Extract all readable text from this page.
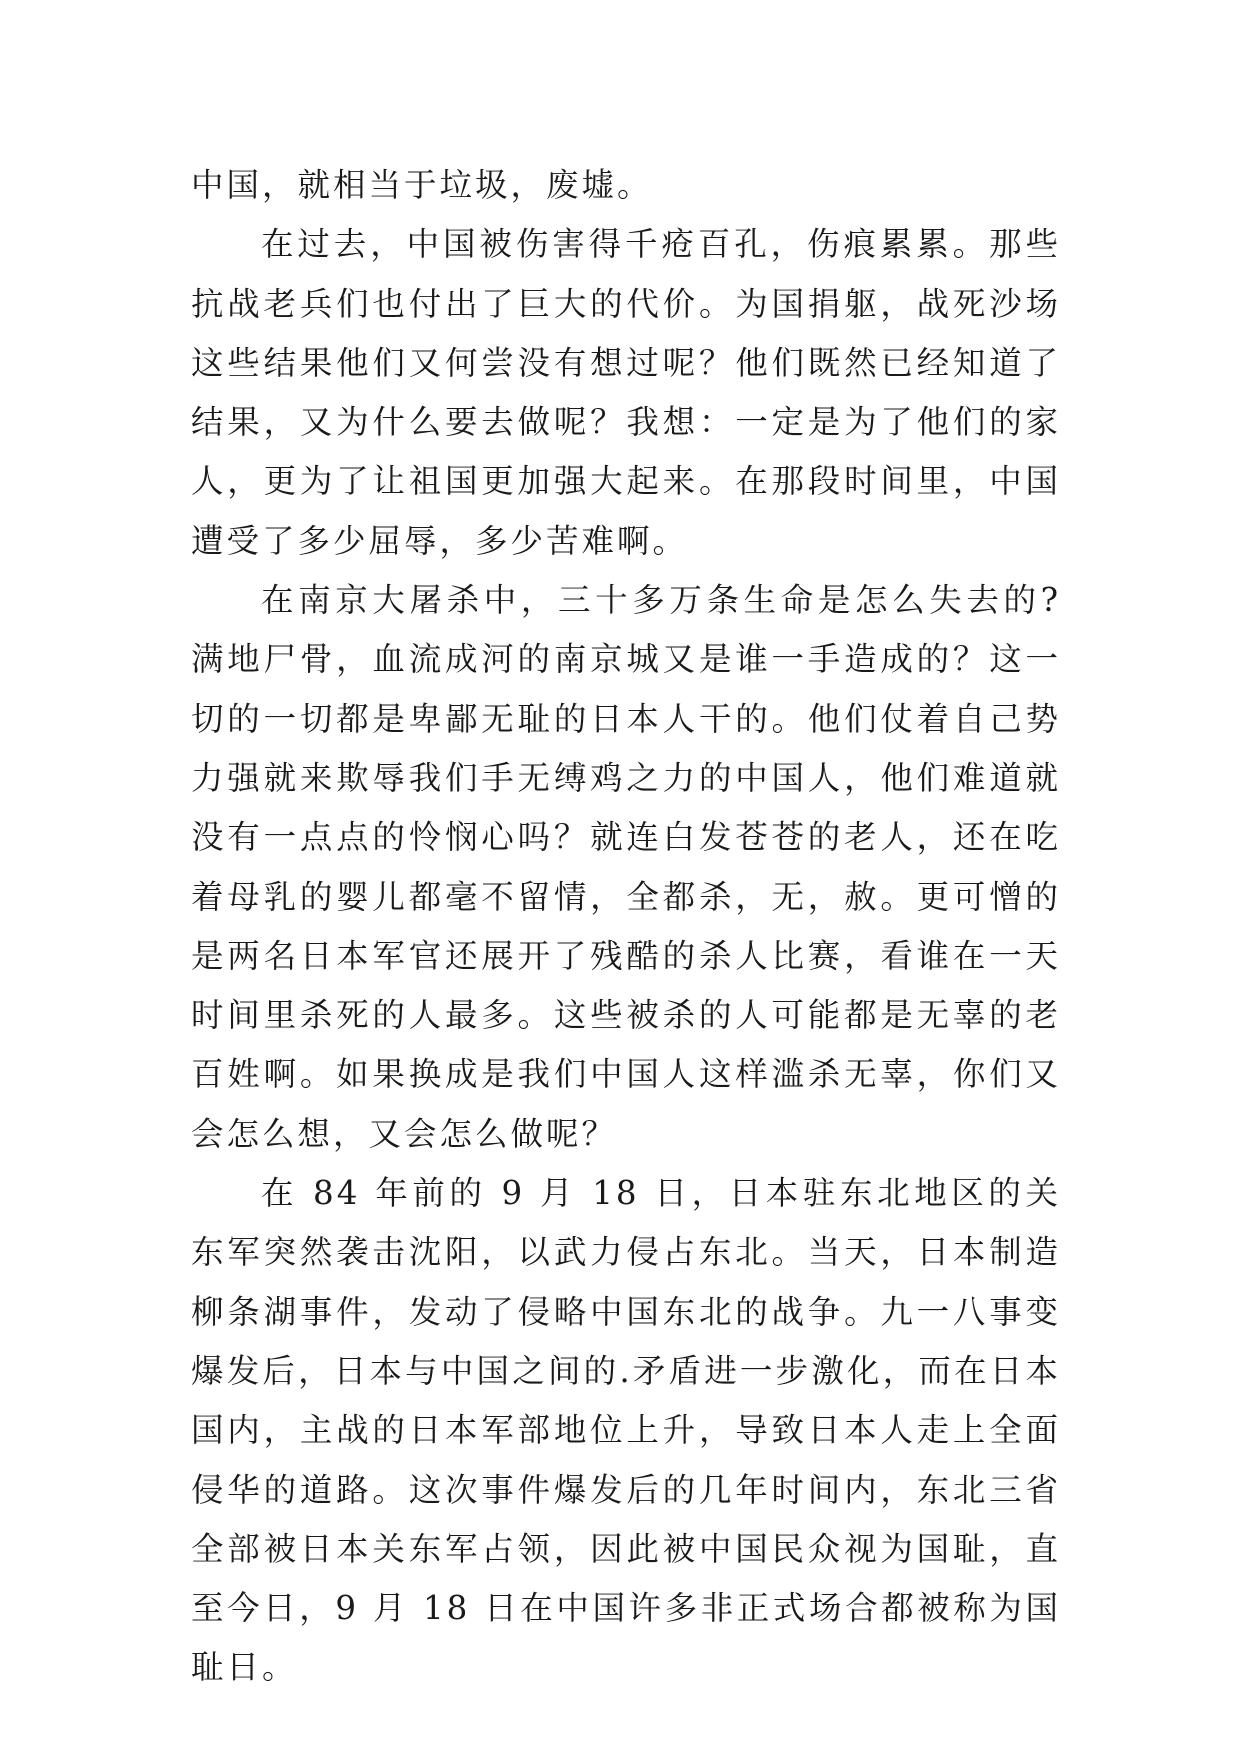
中国，就相当于垃圾，废墟。

在过去，中国被伤害得千疮百孔，伤痕累累。那些抗战老兵们也付出了巨大的代价。为国捐躯，战死沙场这些结果他们又何尝没有想过呢？他们既然已经知道了结果，又为什么要去做呢？我想：一定是为了他们的家人，更为了让祖国更加强大起来。在那段时间里，中国遭受了多少屈辱，多少苦难啊。

在南京大屠杀中，三十多万条生命是怎么失去的?满地尸骨，血流成河的南京城又是谁一手造成的？这一切的一切都是卑鄙无耻的日本人干的。他们仗着自己势力强就来欺辱我们手无缚鸡之力的中国人，他们难道就没有一点点的怜悯心吗？就连白发苍苍的老人，还在吃着母乳的婴儿都毫不留情，全都杀，无，赦。更可憎的是两名日本军官还展开了残酷的杀人比赛，看谁在一天时间里杀死的人最多。这些被杀的人可能都是无辜的老百姓啊。如果换成是我们中国人这样滥杀无辜，你们又会怎么想，又会怎么做呢？

在 84 年前的 9 月 18 日，日本驻东北地区的关东军突然袭击沈阳，以武力侵占东北。当天，日本制造柳条湖事件，发动了侵略中国东北的战争。九一八事变爆发后，日本与中国之间的.矛盾进一步激化，而在日本国内，主战的日本军部地位上升，导致日本人走上全面侵华的道路。这次事件爆发后的几年时间内，东北三省全部被日本关东军占领，因此被中国民众视为国耻，直至今日，9 月 18 日在中国许多非正式场合都被称为国耻日。
